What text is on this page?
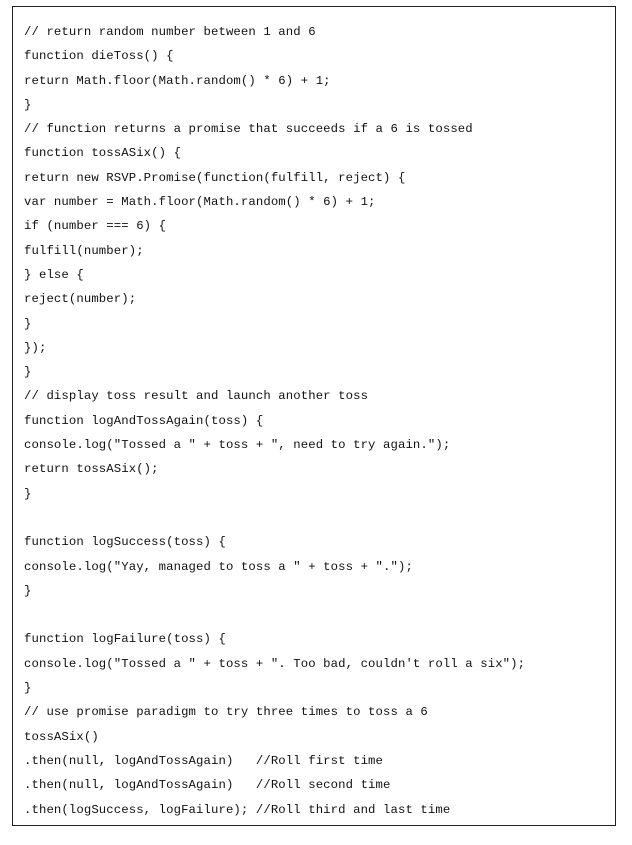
// return random number between 1 and 6
function dieToss() {
return Math.floor(Math.random() * 6) + 1;
}
// function returns a promise that succeeds if a 6 is tossed
function tossASix() {
return new RSVP.Promise(function(fulfill, reject) {
var number = Math.floor(Math.random() * 6) + 1;
if (number === 6) {
fulfill(number);
} else {
reject(number);
}
});
}
// display toss result and launch another toss
function logAndTossAgain(toss) {
console.log("Tossed a " + toss + ", need to try again.");
return tossASix();
}
function logSuccess(toss) {
console.log("Yay, managed to toss a " + toss + ".");
}
function logFailure(toss) {
console.log("Tossed a " + toss + ". Too bad, couldn't roll a six");
}
// use promise paradigm to try three times to toss a 6
tossASix()
.then(null, logAndTossAgain)   //Roll first time
.then(null, logAndTossAgain)   //Roll second time
.then(logSuccess, logFailure); //Roll third and last time
